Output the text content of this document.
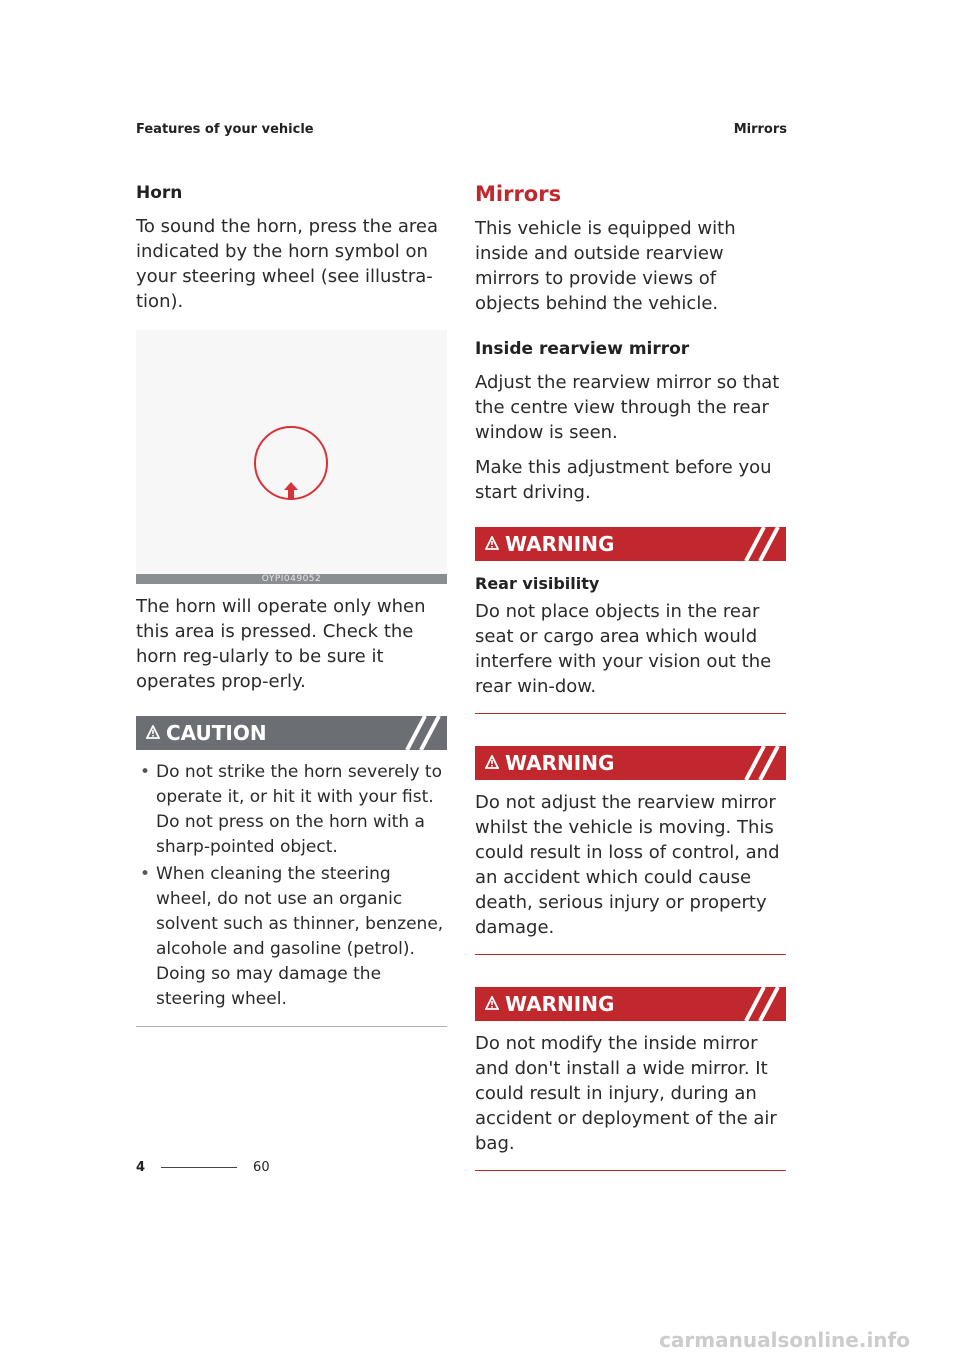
Features of your vehicle	Mirrors
Horn

To sound the horn, press the area indicated by the horn symbol on your steering wheel (see illustra-tion).

OYPI049052

The horn will operate only when this area is pressed. Check the horn reg-ularly to be sure it operates prop-erly.

CAUTION
• Do not strike the horn severely to operate it, or hit it with your fist. Do not press on the horn with a sharp-pointed object.
• When cleaning the steering wheel, do not use an organic solvent such as thinner, benzene, alcohole and gasoline (petrol). Doing so may damage the steering wheel.
Mirrors

This vehicle is equipped with inside and outside rearview mirrors to provide views of objects behind the vehicle.

Inside rearview mirror

Adjust the rearview mirror so that the centre view through the rear window is seen.

Make this adjustment before you start driving.

WARNING
Rear visibility

Do not place objects in the rear seat or cargo area which would interfere with your vision out the rear win-dow.

WARNING

Do not adjust the rearview mirror whilst the vehicle is moving. This could result in loss of control, and an accident which could cause death, serious injury or property damage.

WARNING

Do not modify the inside mirror and don't install a wide mirror. It could result in injury, during an accident or deployment of the air bag.

4	60
carmanualsonline.info
